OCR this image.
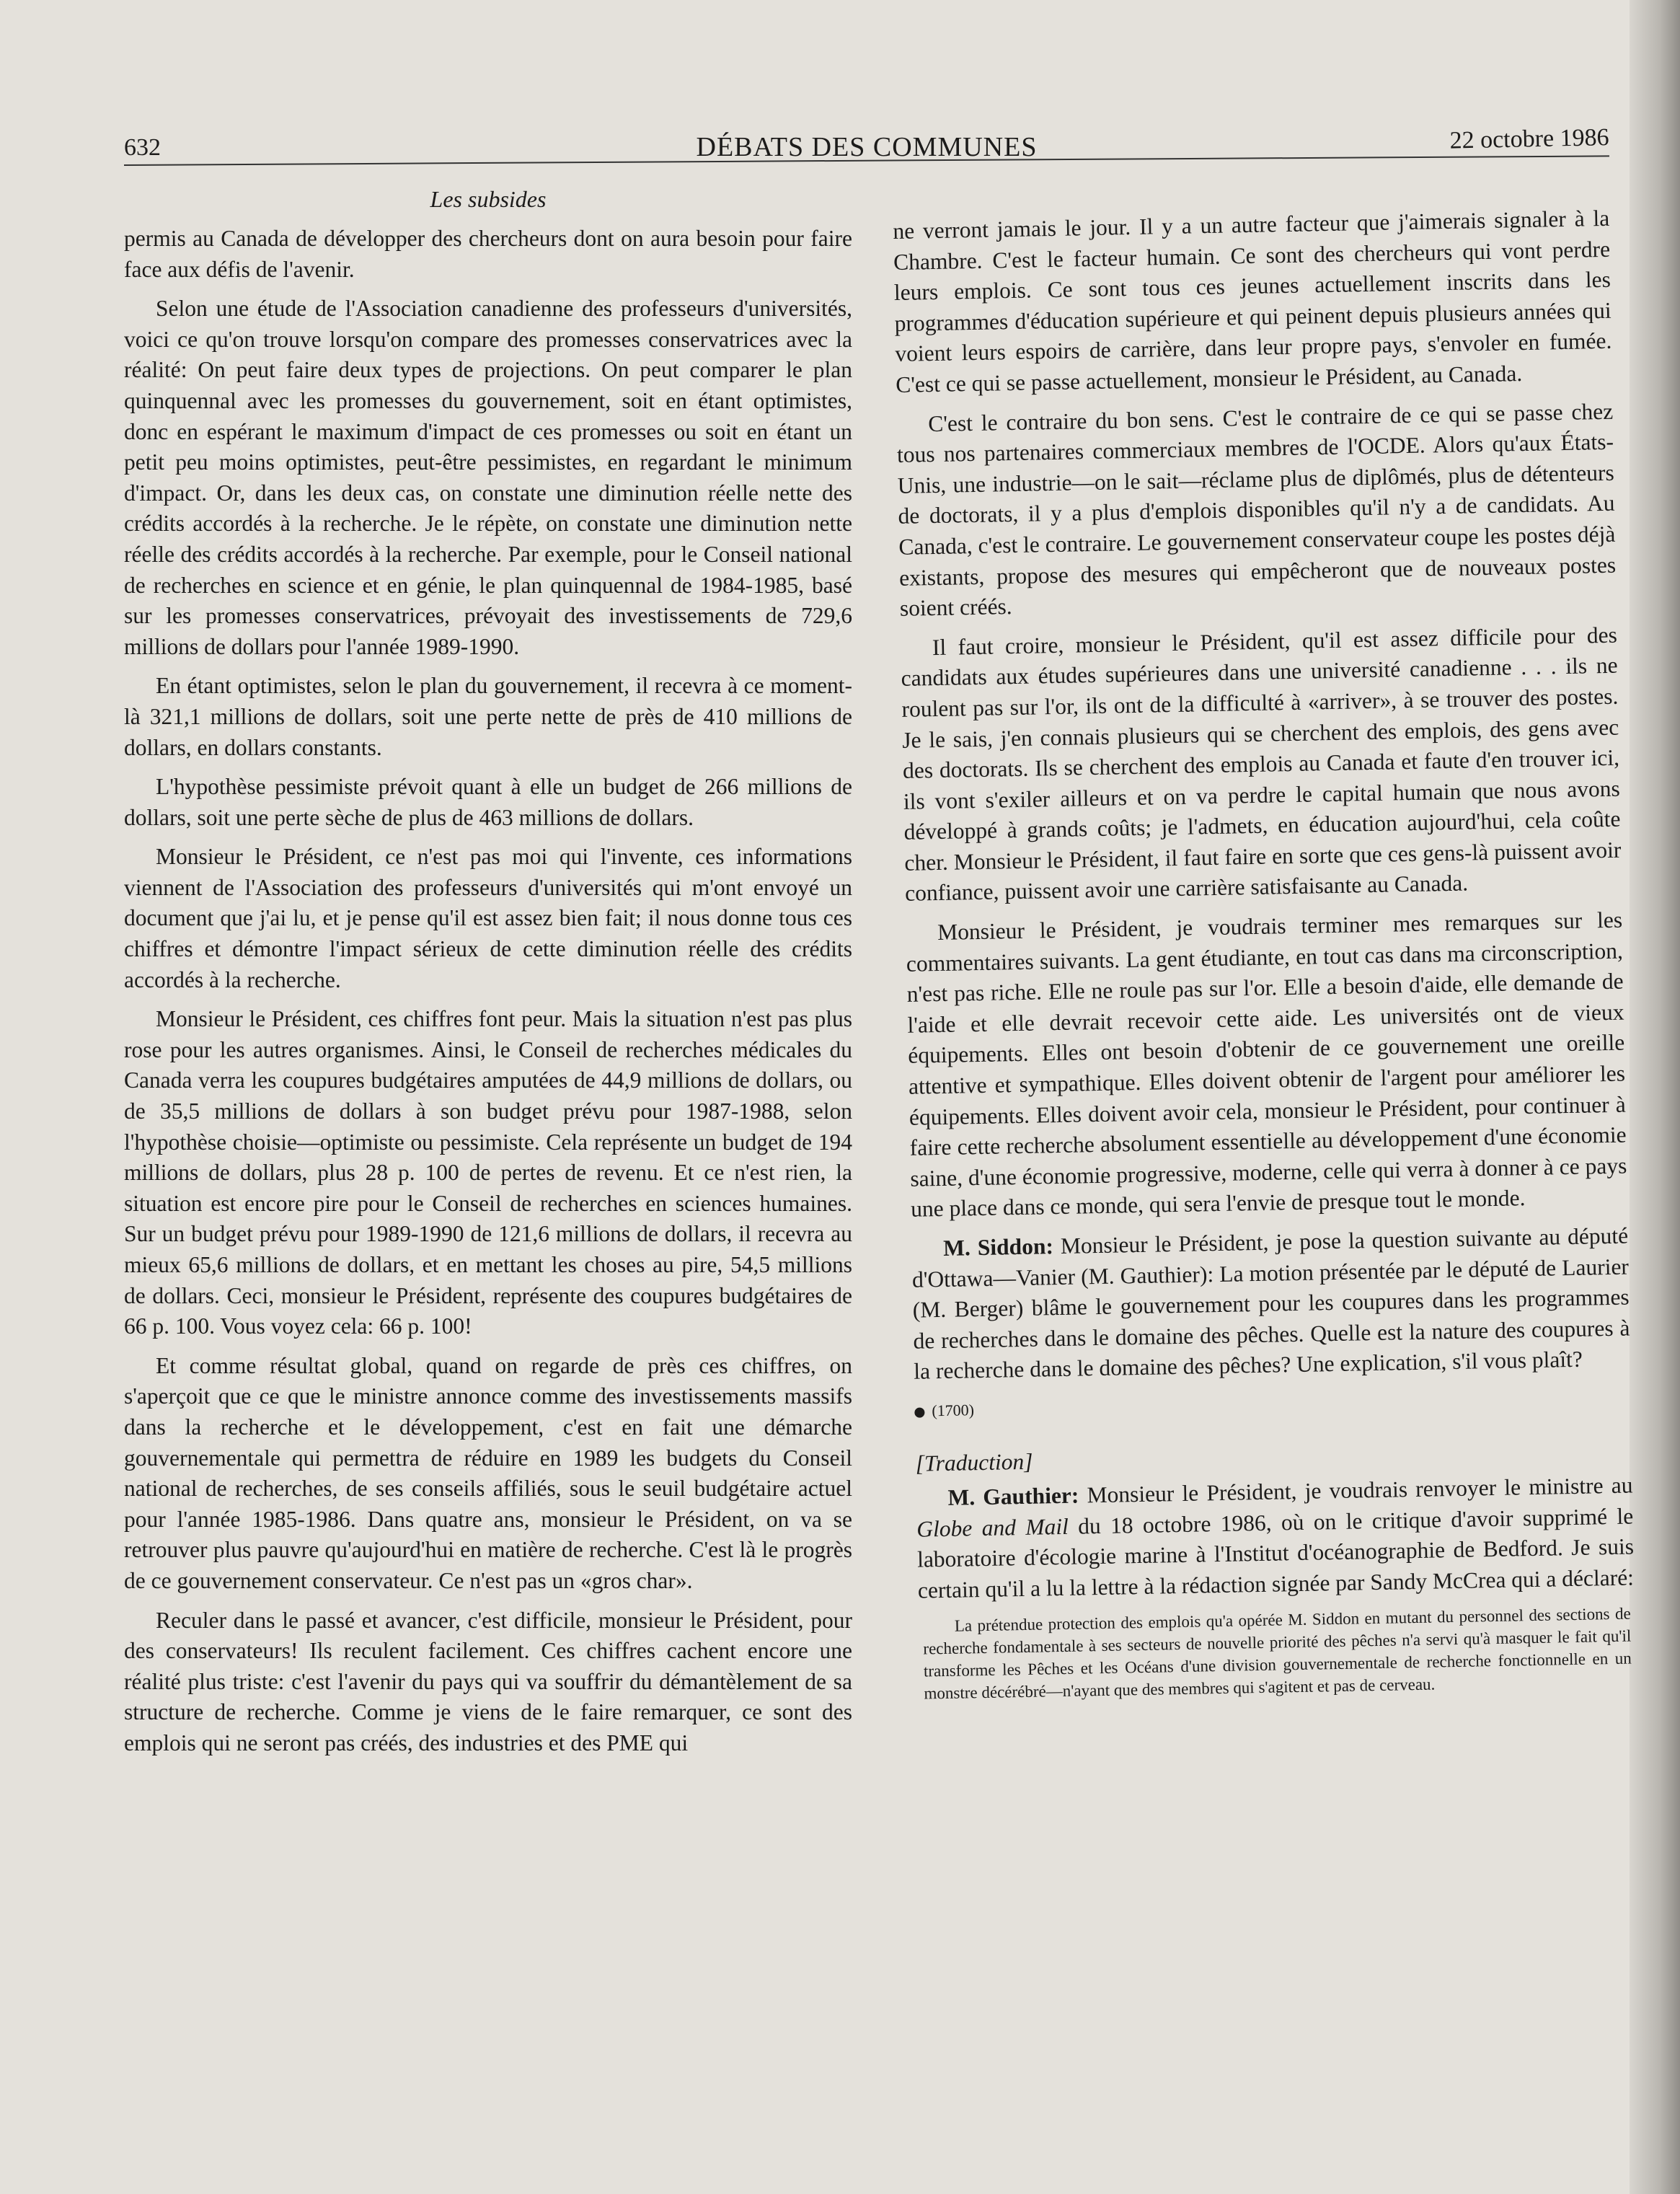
632	DÉBATS DES COMMUNES	22 octobre 1986
Les subsides

permis au Canada de développer des chercheurs dont on aura besoin pour faire face aux défis de l'avenir.

Selon une étude de l'Association canadienne des professeurs d'universités, voici ce qu'on trouve lorsqu'on compare des promesses conservatrices avec la réalité: On peut faire deux types de projections. On peut comparer le plan quinquennal avec les promesses du gouvernement, soit en étant optimistes, donc en espérant le maximum d'impact de ces promesses ou soit en étant un petit peu moins optimistes, peut-être pessimistes, en regardant le minimum d'impact. Or, dans les deux cas, on constate une diminution réelle nette des crédits accordés à la recherche. Je le répète, on constate une diminution nette réelle des crédits accordés à la recherche. Par exemple, pour le Conseil national de recherches en science et en génie, le plan quinquennal de 1984-1985, basé sur les promesses conservatrices, prévoyait des investissements de 729,6 millions de dollars pour l'année 1989-1990.

En étant optimistes, selon le plan du gouvernement, il recevra à ce moment-là 321,1 millions de dollars, soit une perte nette de près de 410 millions de dollars, en dollars constants.

L'hypothèse pessimiste prévoit quant à elle un budget de 266 millions de dollars, soit une perte sèche de plus de 463 millions de dollars.

Monsieur le Président, ce n'est pas moi qui l'invente, ces informations viennent de l'Association des professeurs d'universités qui m'ont envoyé un document que j'ai lu, et je pense qu'il est assez bien fait; il nous donne tous ces chiffres et démontre l'impact sérieux de cette diminution réelle des crédits accordés à la recherche.

Monsieur le Président, ces chiffres font peur. Mais la situation n'est pas plus rose pour les autres organismes. Ainsi, le Conseil de recherches médicales du Canada verra les coupures budgétaires amputées de 44,9 millions de dollars, ou de 35,5 millions de dollars à son budget prévu pour 1987-1988, selon l'hypothèse choisie—optimiste ou pessimiste. Cela représente un budget de 194 millions de dollars, plus 28 p. 100 de pertes de revenu. Et ce n'est rien, la situation est encore pire pour le Conseil de recherches en sciences humaines. Sur un budget prévu pour 1989-1990 de 121,6 millions de dollars, il recevra au mieux 65,6 millions de dollars, et en mettant les choses au pire, 54,5 millions de dollars. Ceci, monsieur le Président, représente des coupures budgétaires de 66 p. 100. Vous voyez cela: 66 p. 100!

Et comme résultat global, quand on regarde de près ces chiffres, on s'aperçoit que ce que le ministre annonce comme des investissements massifs dans la recherche et le développement, c'est en fait une démarche gouvernementale qui permettra de réduire en 1989 les budgets du Conseil national de recherches, de ses conseils affiliés, sous le seuil budgétaire actuel pour l'année 1985-1986. Dans quatre ans, monsieur le Président, on va se retrouver plus pauvre qu'aujourd'hui en matière de recherche. C'est là le progrès de ce gouvernement conservateur. Ce n'est pas un «gros char».

Reculer dans le passé et avancer, c'est difficile, monsieur le Président, pour des conservateurs! Ils reculent facilement. Ces chiffres cachent encore une réalité plus triste: c'est l'avenir du pays qui va souffrir du démantèlement de sa structure de recherche. Comme je viens de le faire remarquer, ce sont des emplois qui ne seront pas créés, des industries et des PME qui

ne verront jamais le jour. Il y a un autre facteur que j'aimerais signaler à la Chambre. C'est le facteur humain. Ce sont des chercheurs qui vont perdre leurs emplois. Ce sont tous ces jeunes actuellement inscrits dans les programmes d'éducation supérieure et qui peinent depuis plusieurs années qui voient leurs espoirs de carrière, dans leur propre pays, s'envoler en fumée. C'est ce qui se passe actuellement, monsieur le Président, au Canada.

C'est le contraire du bon sens. C'est le contraire de ce qui se passe chez tous nos partenaires commerciaux membres de l'OCDE. Alors qu'aux États-Unis, une industrie—on le sait—réclame plus de diplômés, plus de détenteurs de doctorats, il y a plus d'emplois disponibles qu'il n'y a de candidats. Au Canada, c'est le contraire. Le gouvernement conservateur coupe les postes déjà existants, propose des mesures qui empêcheront que de nouveaux postes soient créés.

Il faut croire, monsieur le Président, qu'il est assez difficile pour des candidats aux études supérieures dans une université canadienne . . . ils ne roulent pas sur l'or, ils ont de la difficulté à «arriver», à se trouver des postes. Je le sais, j'en connais plusieurs qui se cherchent des emplois, des gens avec des doctorats. Ils se cherchent des emplois au Canada et faute d'en trouver ici, ils vont s'exiler ailleurs et on va perdre le capital humain que nous avons développé à grands coûts; je l'admets, en éducation aujourd'hui, cela coûte cher. Monsieur le Président, il faut faire en sorte que ces gens-là puissent avoir confiance, puissent avoir une carrière satisfaisante au Canada.

Monsieur le Président, je voudrais terminer mes remarques sur les commentaires suivants. La gent étudiante, en tout cas dans ma circonscription, n'est pas riche. Elle ne roule pas sur l'or. Elle a besoin d'aide, elle demande de l'aide et elle devrait recevoir cette aide. Les universités ont de vieux équipements. Elles ont besoin d'obtenir de ce gouvernement une oreille attentive et sympathique. Elles doivent obtenir de l'argent pour améliorer les équipements. Elles doivent avoir cela, monsieur le Président, pour continuer à faire cette recherche absolument essentielle au développement d'une économie saine, d'une économie progressive, moderne, celle qui verra à donner à ce pays une place dans ce monde, qui sera l'envie de presque tout le monde.

M. Siddon: Monsieur le Président, je pose la question suivante au député d'Ottawa—Vanier (M. Gauthier): La motion présentée par le député de Laurier (M. Berger) blâme le gouvernement pour les coupures dans les programmes de recherches dans le domaine des pêches. Quelle est la nature des coupures à la recherche dans le domaine des pêches? Une explication, s'il vous plaît?

(1700)
[Traduction]

M. Gauthier: Monsieur le Président, je voudrais renvoyer le ministre au Globe and Mail du 18 octobre 1986, où on le critique d'avoir supprimé le laboratoire d'écologie marine à l'Institut d'océanographie de Bedford. Je suis certain qu'il a lu la lettre à la rédaction signée par Sandy McCrea qui a déclaré:

La prétendue protection des emplois qu'a opérée M. Siddon en mutant du personnel des sections de recherche fondamentale à ses secteurs de nouvelle priorité des pêches n'a servi qu'à masquer le fait qu'il transforme les Pêches et les Océans d'une division gouvernementale de recherche fonctionnelle en un monstre décérébré—n'ayant que des membres qui s'agitent et pas de cerveau.
